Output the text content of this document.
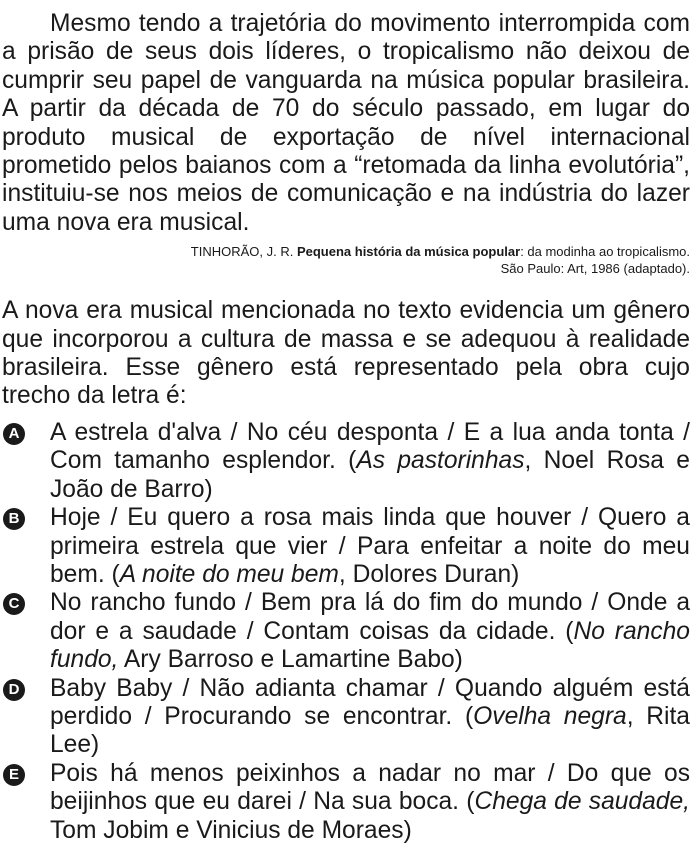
Mesmo tendo a trajetória do movimento interrompida com a prisão de seus dois líderes, o tropicalismo não deixou de cumprir seu papel de vanguarda na música popular brasileira. A partir da década de 70 do século passado, em lugar do produto musical de exportação de nível internacional prometido pelos baianos com a “retomada da linha evolutória”, instituiu-se nos meios de comunicação e na indústria do lazer uma nova era musical.

TINHORÃO, J. R. Pequena história da música popular: da modinha ao tropicalismo.
São Paulo: Art, 1986 (adaptado).

A nova era musical mencionada no texto evidencia um gênero que incorporou a cultura de massa e se adequou à realidade brasileira. Esse gênero está representado pela obra cujo trecho da letra é:

A A estrela d'alva / No céu desponta / E a lua anda tonta / Com tamanho esplendor. (As pastorinhas, Noel Rosa e João de Barro)
B Hoje / Eu quero a rosa mais linda que houver / Quero a primeira estrela que vier / Para enfeitar a noite do meu bem. (A noite do meu bem, Dolores Duran)
C No rancho fundo / Bem pra lá do fim do mundo / Onde a dor e a saudade / Contam coisas da cidade. (No rancho fundo, Ary Barroso e Lamartine Babo)
D Baby Baby / Não adianta chamar / Quando alguém está perdido / Procurando se encontrar. (Ovelha negra, Rita Lee)
E Pois há menos peixinhos a nadar no mar / Do que os beijinhos que eu darei / Na sua boca. (Chega de saudade, Tom Jobim e Vinicius de Moraes)
